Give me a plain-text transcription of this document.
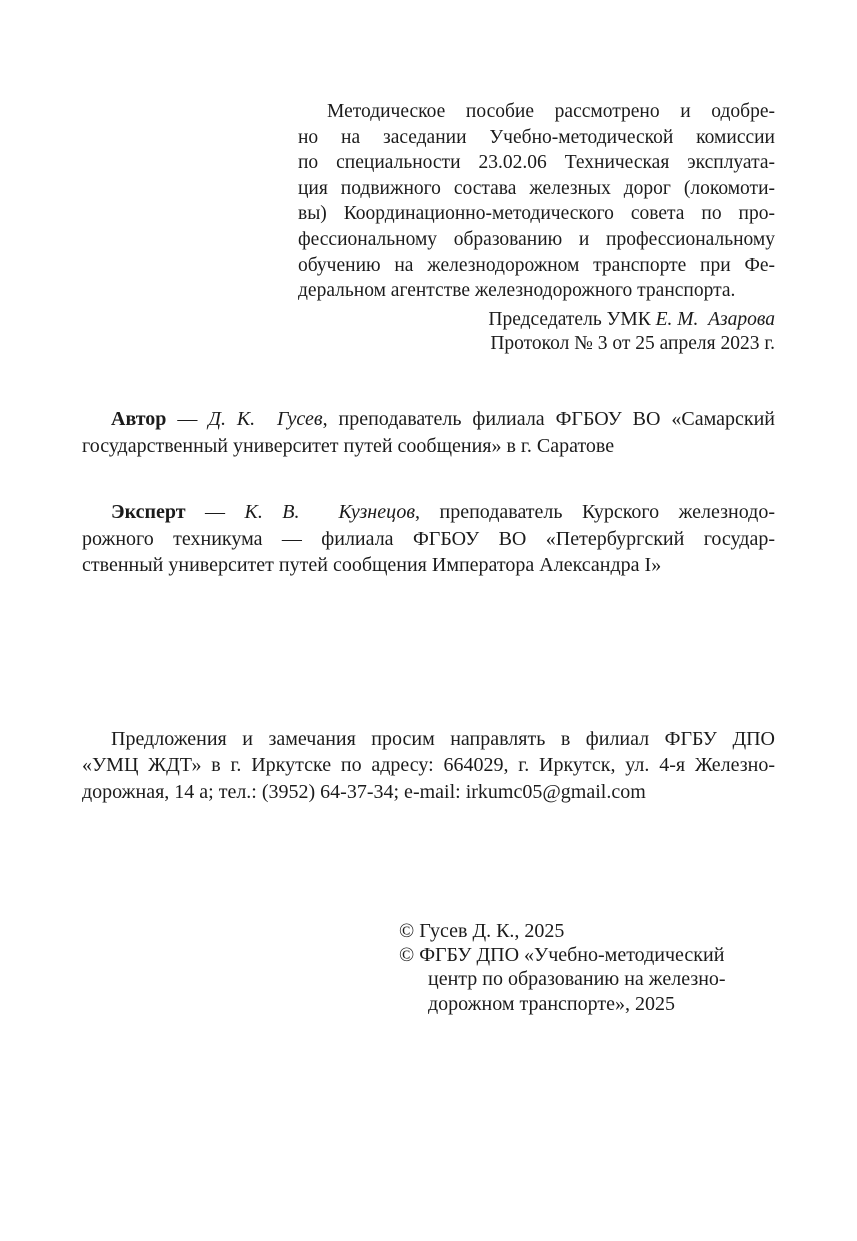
Методическое пособие рассмотрено и одобре-
но на заседании Учебно-методической комиссии
по специальности 23.02.06 Техническая эксплуата-
ция подвижного состава железных дорог (локомоти-
вы) Координационно-методического совета по про-
фессиональному образованию и профессиональному
обучению на железнодорожном транспорте при Фе-
деральном агентстве железнодорожного транспорта.
Председатель УМК Е. М.  Азарова
Протокол № 3 от 25 апреля 2023 г.
Автор — Д. К.  Гусев, преподаватель филиала ФГБОУ ВО «Самарский
государственный университет путей сообщения» в г. Саратове
Эксперт — К. В.  Кузнецов, преподаватель Курского железнодо-
рожного техникума — филиала ФГБОУ ВО «Петербургский государ-
ственный университет путей сообщения Императора Александра I»
Предложения и замечания просим направлять в филиал ФГБУ ДПО
«УМЦ ЖДТ» в г. Иркутске по адресу: 664029, г. Иркутск, ул. 4-я Железно-
дорожная, 14 а; тел.: (3952) 64-37-34; e-mail: irkumc05@gmail.com
© Гусев Д. К., 2025
© ФГБУ ДПО «Учебно-методический
центр по образованию на железно-
дорожном транспорте», 2025
